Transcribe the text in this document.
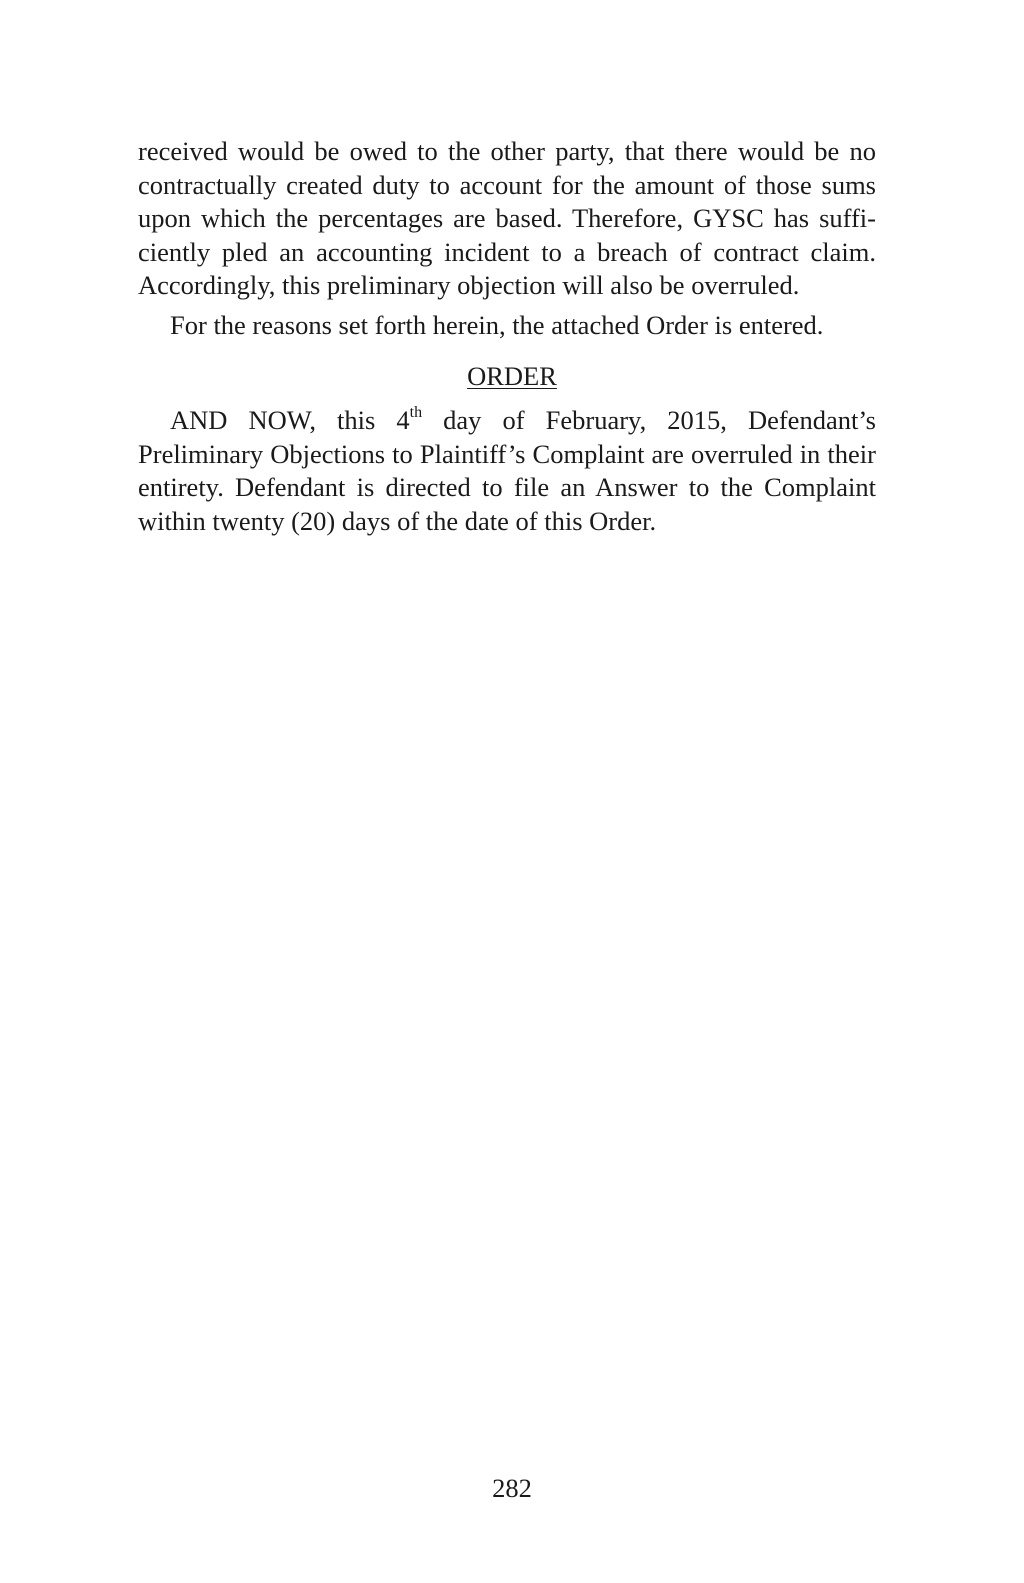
received would be owed to the other party, that there would be no
contractually created duty to account for the amount of those sums
upon which the percentages are based. Therefore, GYSC has suffi-
ciently pled an accounting incident to a breach of contract claim.
Accordingly, this preliminary objection will also be overruled.
For the reasons set forth herein, the attached Order is entered.
ORDER
AND NOW, this 4th day of February, 2015, Defendant’s
Preliminary Objections to Plaintiff’s Complaint are overruled in their
entirety. Defendant is directed to file an Answer to the Complaint
within twenty (20) days of the date of this Order.
282
